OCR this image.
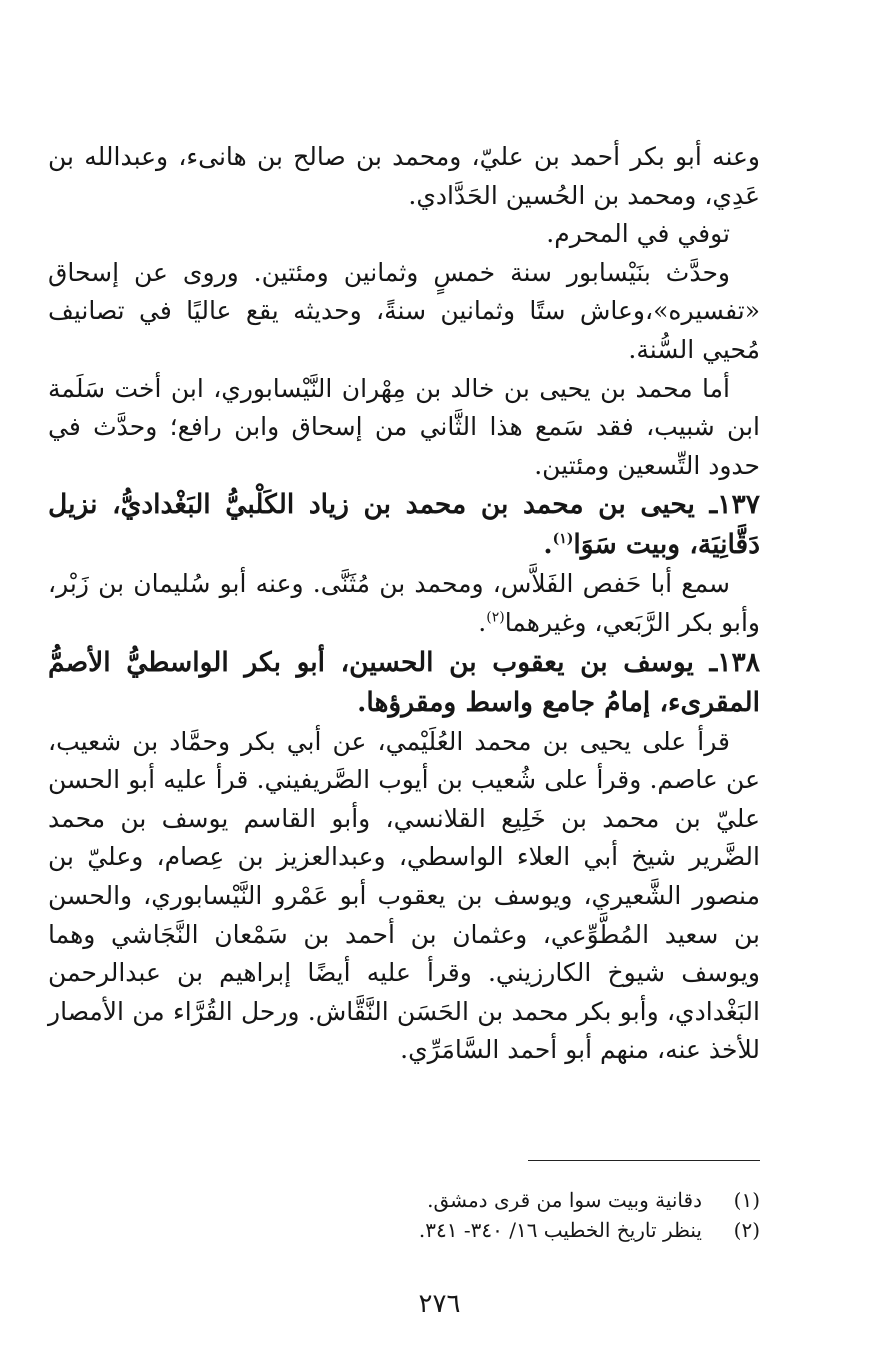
وعنه أبو بكر أحمد بن عليّ، ومحمد بن صالح بن هانىء، وعبدالله بن عَدِي، ومحمد بن الحُسين الحَدَّادي.

توفي في المحرم.

وحدَّث بنَيْسابور سنة خمسٍ وثمانين ومئتين. وروى عن إسحاق «تفسيره»،وعاش ستًا وثمانين سنةً، وحديثه يقع عاليًا في تصانيف مُحيي السُّنة.

أما محمد بن يحيى بن خالد بن مِهْران النَّيْسابوري، ابن أخت سَلَمة ابن شبيب، فقد سَمع هذا الثَّاني من إسحاق وابن رافع؛ وحدَّث في حدود التِّسعين ومئتين.

١٣٧ـ يحيى بن محمد بن محمد بن زياد الكَلْبيُّ البَغْداديُّ، نزيل دَقَّانِيَة، وبيت سَوَا$^{(١)}$.

سمع أبا حَفص الفَلاَّس، ومحمد بن مُثَنَّى. وعنه أبو سُليمان بن زَبْر، وأبو بكر الرَّبَعي، وغيرهما$^{(٢)}$.

١٣٨ـ يوسف بن يعقوب بن الحسين، أبو بكر الواسطيُّ الأصمُّ المقرىء، إمامُ جامع واسط ومقرؤها.

قرأ على يحيى بن محمد العُلَيْمي، عن أبي بكر وحمَّاد بن شعيب، عن عاصم. وقرأ على شُعيب بن أيوب الصَّريفيني. قرأ عليه أبو الحسن عليّ بن محمد بن خَلِيع القلانسي، وأبو القاسم يوسف بن محمد الضَّرير شيخ أبي العلاء الواسطي، وعبدالعزيز بن عِصام، وعليّ بن منصور الشَّعيري، ويوسف بن يعقوب أبو عَمْرو النَّيْسابوري، والحسن بن سعيد المُطَّوِّعي، وعثمان بن أحمد بن سَمْعان النَّجَاشي وهما ويوسف شيوخ الكارزيني. وقرأ عليه أيضًا إبراهيم بن عبدالرحمن البَغْدادي، وأبو بكر محمد بن الحَسَن النَّقَّاش. ورحل القُرَّاء من الأمصار للأخذ عنه، منهم أبو أحمد السَّامَرِّي.

(١)
دقانية وبيت سوا من قرى دمشق.
(٢)
ينظر تاريخ الخطيب ١٦/ ٣٤٠- ٣٤١.
٢٧٦
